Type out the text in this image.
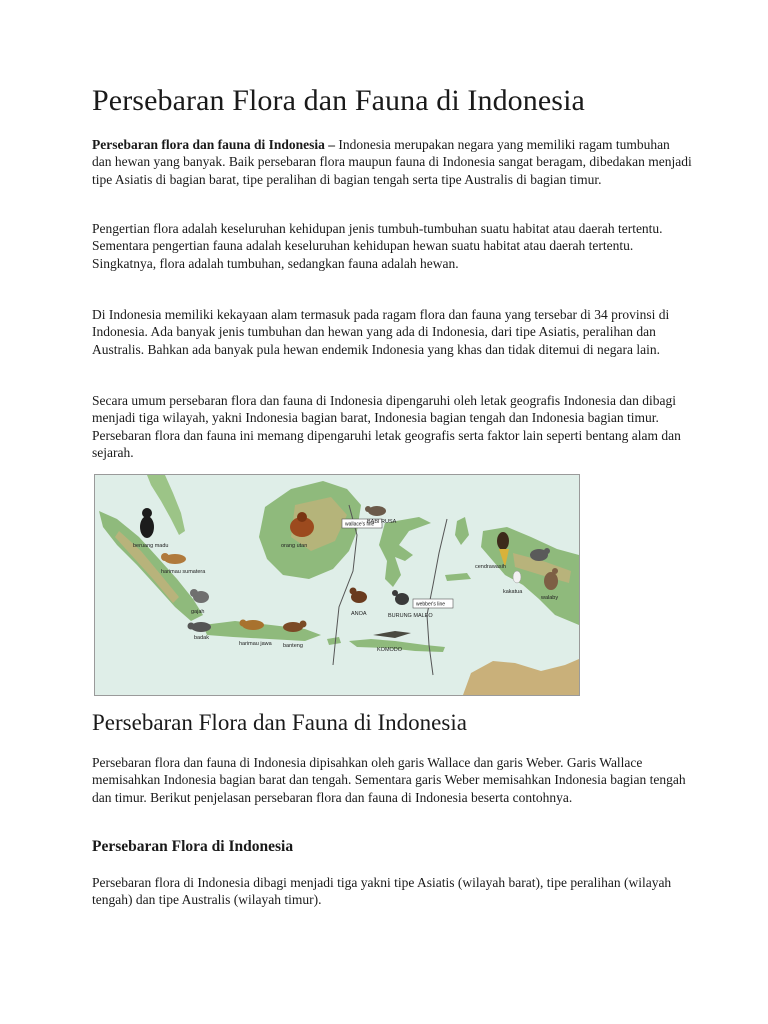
Persebaran Flora dan Fauna di Indonesia

Persebaran flora dan fauna di Indonesia – Indonesia merupakan negara yang memiliki ragam tumbuhan dan hewan yang banyak. Baik persebaran flora maupun fauna di Indonesia sangat beragam, dibedakan menjadi tipe Asiatis di bagian barat, tipe peralihan di bagian tengah serta tipe Australis di bagian timur.

Pengertian flora adalah keseluruhan kehidupan jenis tumbuh-tumbuhan suatu habitat atau daerah tertentu. Sementara pengertian fauna adalah keseluruhan kehidupan hewan suatu habitat atau daerah tertentu. Singkatnya, flora adalah tumbuhan, sedangkan fauna adalah hewan.

Di Indonesia memiliki kekayaan alam termasuk pada ragam flora dan fauna yang tersebar di 34 provinsi di Indonesia. Ada banyak jenis tumbuhan dan hewan yang ada di Indonesia, dari tipe Asiatis, peralihan dan Australis. Bahkan ada banyak pula hewan endemik Indonesia yang khas dan tidak ditemui di negara lain.

Secara umum persebaran flora dan fauna di Indonesia dipengaruhi oleh letak geografis Indonesia dan dibagi menjadi tiga wilayah, yakni Indonesia bagian barat, Indonesia bagian tengah dan Indonesia bagian timur. Persebaran flora dan fauna ini memang dipengaruhi letak geografis serta faktor lain seperti bentang alam dan sejarah.

wallace's line
webber's line
beruang madu
harimau sumatera
orang utan
gajah
badak
harimau jawa banteng
BABI RUSA
ANOA	BURUNG MALEO
KOMODO
cendrawasih
kakatua
walaby
Persebaran Flora dan Fauna di Indonesia

Persebaran flora dan fauna di Indonesia dipisahkan oleh garis Wallace dan garis Weber. Garis Wallace memisahkan Indonesia bagian barat dan tengah. Sementara garis Weber memisahkan Indonesia bagian tengah dan timur. Berikut penjelasan persebaran flora dan fauna di Indonesia beserta contohnya.

Persebaran Flora di Indonesia

Persebaran flora di Indonesia dibagi menjadi tiga yakni tipe Asiatis (wilayah barat), tipe peralihan (wilayah tengah) dan tipe Australis (wilayah timur).
